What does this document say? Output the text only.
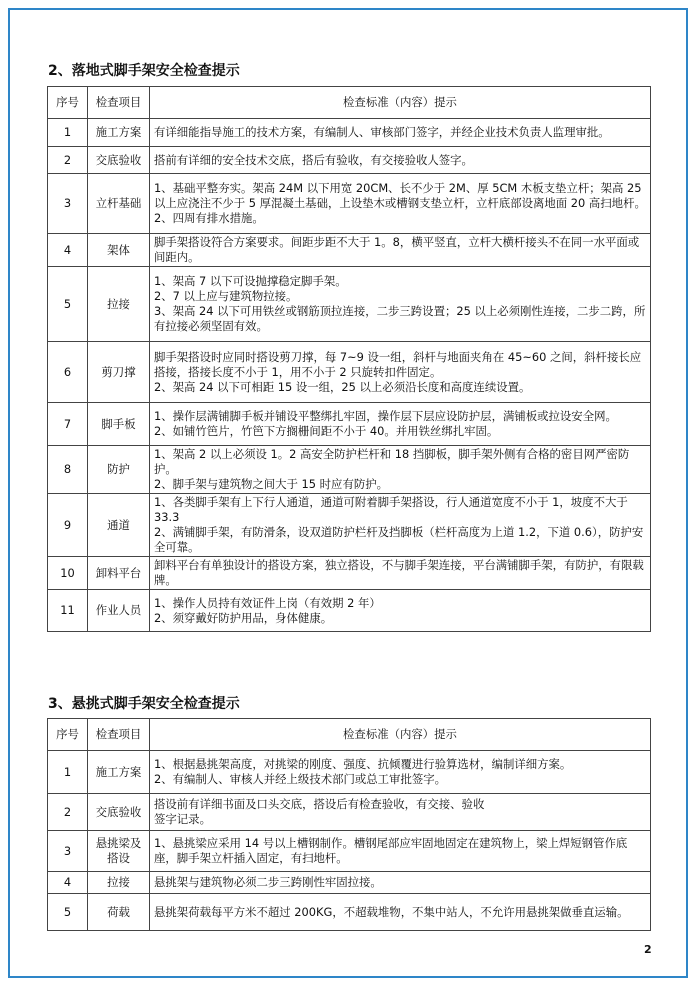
2、落地式脚手架安全检查提示
序号	检查项目	检查标准（内容）提示
1	施工方案	有详细能指导施工的技术方案，有编制人、审核部门签字，并经企业技术负责人监理审批。

2	交底验收	搭前有详细的安全技术交底，搭后有验收，有交接验收人签字。

3	立杆基础	1、基础平整夯实。架高 24M 以下用宽 20CM、长不少于 2M、厚 5CM 木板支垫立杆；架高 25 以上应浇注不少于 5 厚混凝土基础，上设垫木或槽钢支垫立杆，立杆底部设离地面 20 高扫地杆。
2、四周有排水措施。

4	架体	脚手架搭设符合方案要求。间距步距不大于 1。8，横平竖直，立杆大横杆接头不在同一水平面或间距内。

5	拉接	1、架高 7 以下可设抛撑稳定脚手架。
2、7 以上应与建筑物拉接。
3、架高 24 以下可用铁丝或钢筋顶拉连接，二步三跨设置；25 以上必须刚性连接，二步二跨，所有拉接必须坚固有效。

6	剪刀撑	脚手架搭设时应同时搭设剪刀撑，每 7~9 设一组，斜杆与地面夹角在 45~60 之间，斜杆接长应搭接，搭接长度不小于 1，用不小于 2 只旋转扣件固定。
2、架高 24 以下可相距 15 设一组，25 以上必须沿长度和高度连续设置。

7	脚手板	1、操作层满铺脚手板并铺设平整绑扎牢固，操作层下层应设防护层，满铺板或拉设安全网。
2、如铺竹笆片，竹笆下方搁栅间距不小于 40。并用铁丝绑扎牢固。

8	防护	1、架高 2 以上必须设 1。2 高安全防护栏杆和 18 挡脚板，脚手架外侧有合格的密目网严密防护。
2、脚手架与建筑物之间大于 15 时应有防护。

9	通道	1、各类脚手架有上下行人通道，通道可附着脚手架搭设，行人通道宽度不小于 1，坡度不大于 33.3
2、满铺脚手架，有防滑条，设双道防护栏杆及挡脚板（栏杆高度为上道 1.2，下道 0.6），防护安全可靠。

10	卸料平台	卸料平台有单独设计的搭设方案，独立搭设，不与脚手架连接，平台满铺脚手架，有防护，有限载牌。

11	作业人员	1、操作人员持有效证件上岗（有效期 2 年）
2、须穿戴好防护用品，身体健康。
3、悬挑式脚手架安全检查提示
序号	检查项目	检查标准（内容）提示
1	施工方案	1、根据悬挑架高度，对挑梁的刚度、强度、抗倾覆进行验算选材，编制详细方案。
2、有编制人、审核人并经上级技术部门或总工审批签字。

2	交底验收	搭设前有详细书面及口头交底，搭设后有检查验收，有交接、验收
签字记录。

3	悬挑梁及搭设	1、悬挑梁应采用 14 号以上槽钢制作。槽钢尾部应牢固地固定在建筑物上，梁上焊短钢管作底座，脚手架立杆插入固定，有扫地杆。

4	拉接	悬挑架与建筑物必须二步三跨刚性牢固拉接。

5	荷载	悬挑架荷载每平方米不超过 200KG，不超载堆物，不集中站人，不允许用悬挑架做垂直运输。
2
